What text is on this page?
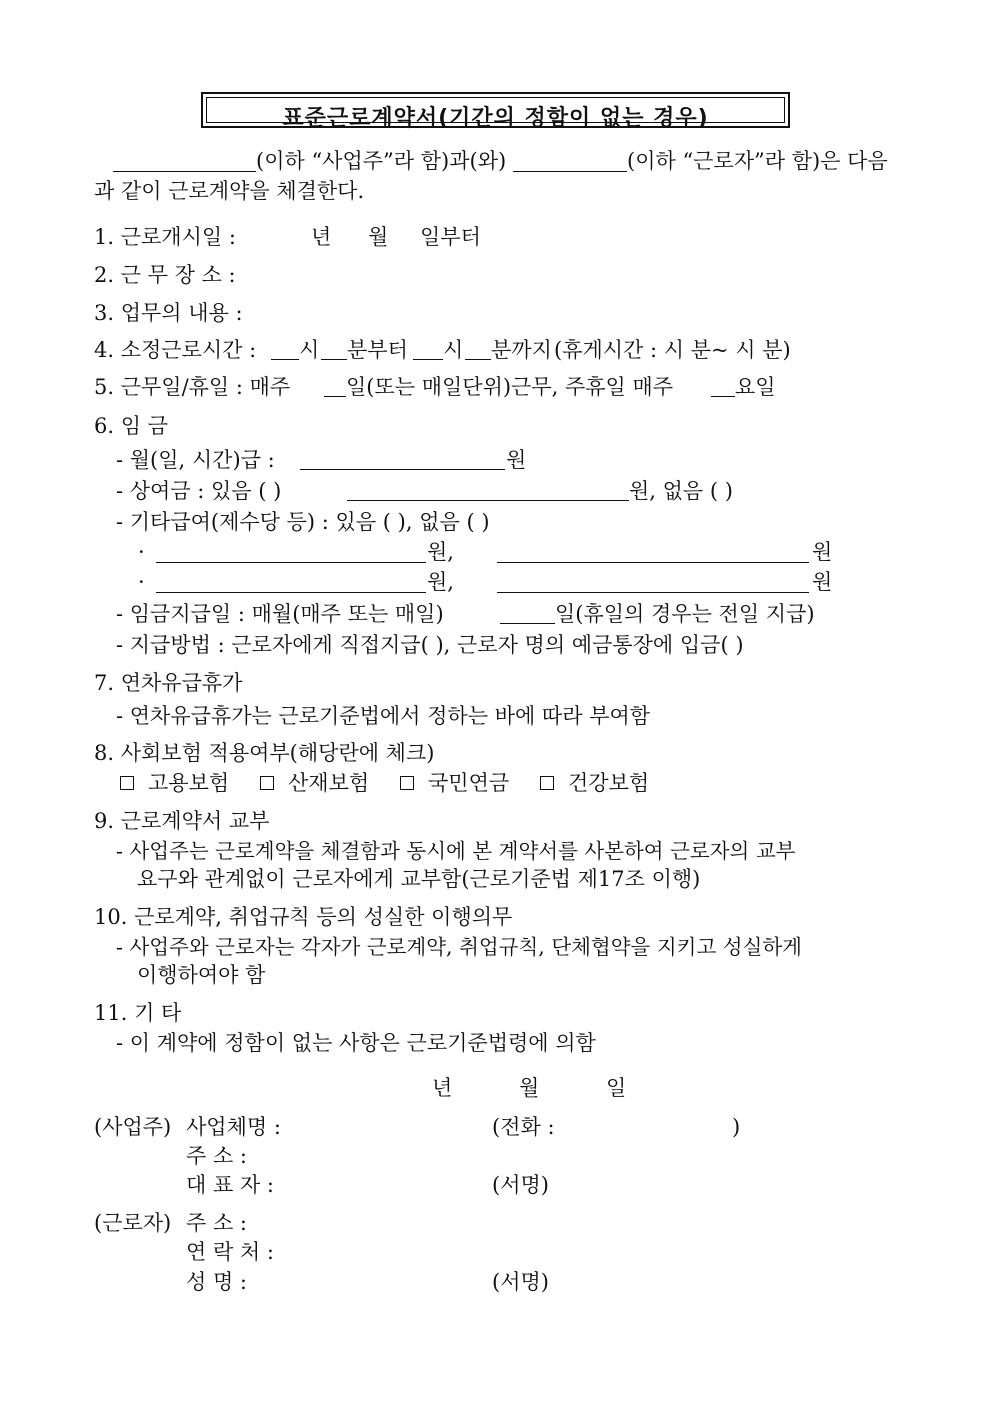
표준근로계약서(기간의 정함이 없는 경우)
(이하 “사업주”라 함)과(와)	(이하 “근로자”라 함)은 다음
과 같이 근로계약을 체결한다.
1. 근로개시일 :	년 월 일부터
2. 근 무 장 소 :
3. 업무의 내용 :
4. 소정근로시간 : 시 분부터 시 분까지 (휴게시간 : 시 분~ 시 분)
5. 근무일/휴일 : 매주	일(또는 매일단위)근무, 주휴일 매주	요일
6. 임 금
- 월(일, 시간)급 :	원
- 상여금 : 있음 ( )	원, 없음 ( )
- 기타급여(제수당 등) : 있음 ( ), 없음 ( )
·	원,	원
·	원,	원
- 임금지급일 : 매월(매주 또는 매일)	일(휴일의 경우는 전일 지급)
- 지급방법 : 근로자에게 직접지급( ), 근로자 명의 예금통장에 입금( )
7. 연차유급휴가
- 연차유급휴가는 근로기준법에서 정하는 바에 따라 부여함
8. 사회보험 적용여부(해당란에 체크)
고용보험	산재보험	국민연금	건강보험
9. 근로계약서 교부
- 사업주는 근로계약을 체결함과 동시에 본 계약서를 사본하여 근로자의 교부
요구와 관계없이 근로자에게 교부함(근로기준법 제17조 이행)
10. 근로계약, 취업규칙 등의 성실한 이행의무
- 사업주와 근로자는 각자가 근로계약, 취업규칙, 단체협약을 지키고 성실하게
이행하여야 함
11. 기 타
- 이 계약에 정함이 없는 사항은 근로기준법령에 의함
년	월	일
(사업주) 사업체명 :	(전화 :	)
주 소 :
대 표 자 :	(서명)
(근로자) 주 소 :
연 락 처 :
성 명 :	(서명)
